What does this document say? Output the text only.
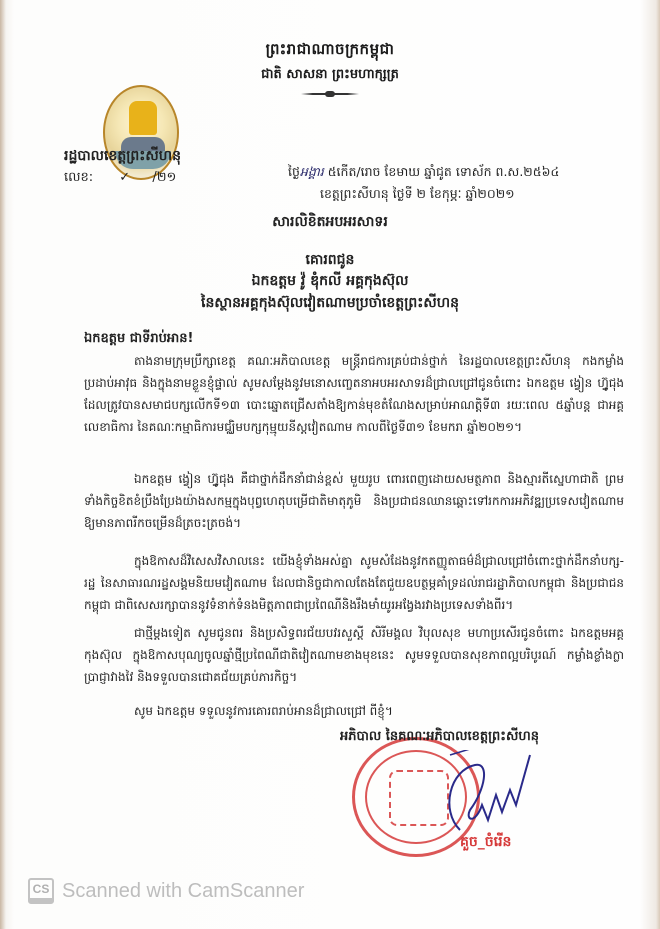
ព្រះរាជាណាចក្រកម្ពុជា
ជាតិ សាសនា ព្រះមហាក្សត្រ
រដ្ឋបាលខេត្តព្រះសីហនុ
លេខ: ✓ /២១	ថ្ងៃអង្គារ ៥កើត/រោច ខែមាឃ ឆ្នាំជូត ទោស័ក ព.ស.២៥៦៤
ខេត្តព្រះសីហនុ ថ្ងៃទី ២ ខែកុម្ភៈ ឆ្នាំ២០២១
សារលិខិតអបអរសាទរ
គោរពជូន
ឯកឧត្តម វ៉ូ ឌុំកលី អគ្គកុងស៊ុល
នៃស្ថានអគ្គកុងស៊ុលវៀតណាមប្រចាំខេត្តព្រះសីហនុ
ឯកឧត្តម ជាទីរាប់អាន!
តាងនាមក្រុមប្រឹក្សាខេត្ត គណៈអភិបាលខេត្ត មន្ត្រីរាជការគ្រប់ជាន់ថ្នាក់ នៃរដ្ឋបាលខេត្តព្រះសីហនុ កងកម្លាំងប្រដាប់អាវុធ និងក្នុងនាមខ្លួនខ្ញុំផ្ទាល់ សូមសម្ដែងនូវមនោសញ្ចេតនាអបអរសាទរដ៏ជ្រាលជ្រៅជូនចំពោះ ឯកឧត្តម ង្វៀន ហ្វ៊ូជុង ដែលត្រូវបានសមាជបក្សលើកទី១៣ បោះឆ្នោតជ្រើសតាំងឱ្យកាន់មុខតំណែងសម្រាប់អាណត្តិទី៣ រយៈពេល ៥ឆ្នាំបន្ត ជាអគ្គលេខាធិការ នៃគណៈកម្មាធិការមជ្ឈិមបក្សកុម្មុយនីស្តវៀតណាម កាលពីថ្ងៃទី៣១ ខែមករា ឆ្នាំ២០២១។
ឯកឧត្តម ង្វៀន ហ្វ៊ូជុង គឺជាថ្នាក់ដឹកនាំជាន់ខ្ពស់ មួយរូប ពោរពេញដោយសមត្ថភាព និងស្មារតីស្នេហាជាតិ ព្រមទាំងកិច្ចខិតខំប្រឹងប្រែងយ៉ាងសកម្មក្នុងបុព្វហេតុបម្រើជាតិមាតុភូមិ និងប្រជាជនឈានឆ្ពោះទៅរកការអភិវឌ្ឍប្រទេសវៀតណាម ឱ្យមានភាពរីកចម្រើនដ៏ត្រចះត្រចង់។
ក្នុងឱកាសដ៏វិសេសវិសាលនេះ យើងខ្ញុំទាំងអស់គ្នា សូមសំដែងនូវកតញ្ញូតាធម៌ដ៏ជ្រាលជ្រៅចំពោះថ្នាក់ដឹកនាំបក្ស-រដ្ឋ នៃសាធារណរដ្ឋសង្គមនិយមវៀតណាម ដែលជានិច្ចជាកាលតែងតែជួយឧបត្ថម្ភគាំទ្រដល់រាជរដ្ឋាភិបាលកម្ពុជា និងប្រជាជនកម្ពុជា ជាពិសេសរក្សាបាននូវទំនាក់ទំនងមិត្តភាពជាប្រពៃណីនិងរឹងមាំយូរអង្វែងរវាងប្រទេសទាំងពីរ។
ជាថ្មីម្ដងទៀត សូមជូនពរ និងប្រសិទ្ធពរជ័យបវរសួស្តី សិរីមង្គល វិបុលសុខ មហាប្រសើរជូនចំពោះ ឯកឧត្តមអគ្គកុងស៊ុល ក្នុងឱកាសបុណ្យចូលឆ្នាំថ្មីប្រពៃណីជាតិវៀតណាមខាងមុខនេះ សូមទទួលបានសុខភាពល្អបរិបូរណ៍ កម្លាំងខ្លាំងក្លា ប្រាជ្ញាវាងវៃ និងទទួលបានជោគជ័យគ្រប់ភារកិច្ច។
សូម ឯកឧត្តម ទទួលនូវការគោរពរាប់អានដ៏ជ្រាលជ្រៅ ពីខ្ញុំ។
អភិបាល នៃគណៈអភិបាលខេត្តព្រះសីហនុ
គួច_ចំរើន
CS Scanned with CamScanner
